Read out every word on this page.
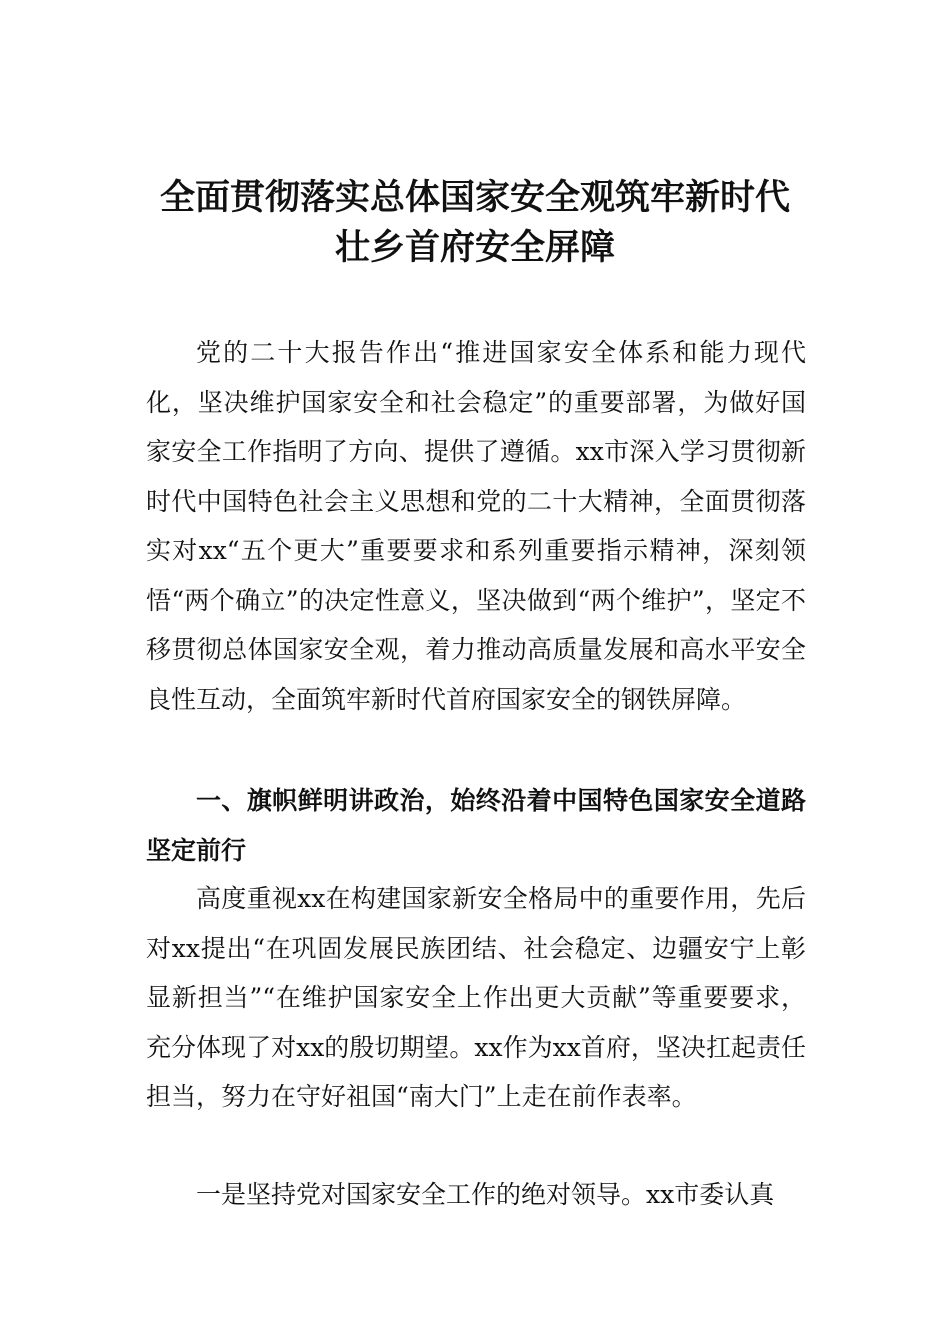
全面贯彻落实总体国家安全观筑牢新时代
壮乡首府安全屏障

党的二十大报告作出“推进国家安全体系和能力现代化，坚决维护国家安全和社会稳定”的重要部署，为做好国家安全工作指明了方向、提供了遵循。xx市深入学习贯彻新时代中国特色社会主义思想和党的二十大精神，全面贯彻落实对xx“五个更大”重要要求和系列重要指示精神，深刻领悟“两个确立”的决定性意义，坚决做到“两个维护”，坚定不移贯彻总体国家安全观，着力推动高质量发展和高水平安全良性互动，全面筑牢新时代首府国家安全的钢铁屏障。

一、旗帜鲜明讲政治，始终沿着中国特色国家安全道路坚定前行

高度重视xx在构建国家新安全格局中的重要作用，先后对xx提出“在巩固发展民族团结、社会稳定、边疆安宁上彰显新担当”“在维护国家安全上作出更大贡献”等重要要求，充分体现了对xx的殷切期望。xx作为xx首府，坚决扛起责任担当，努力在守好祖国“南大门”上走在前作表率。

一是坚持党对国家安全工作的绝对领导。xx市委认真
